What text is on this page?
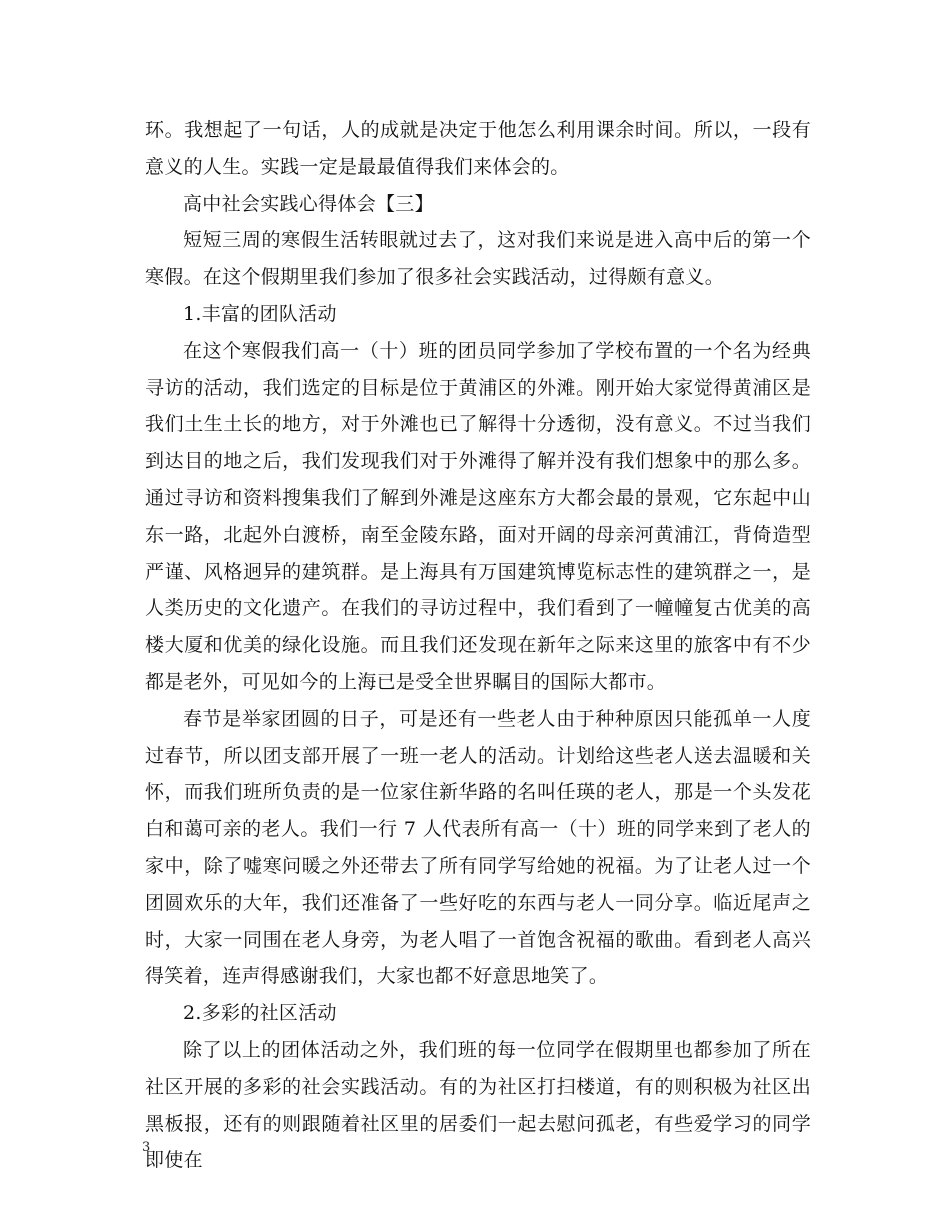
环。我想起了一句话，人的成就是决定于他怎么利用课余时间。所以，一段有意义的人生。实践一定是最最值得我们来体会的。

高中社会实践心得体会【三】

短短三周的寒假生活转眼就过去了，这对我们来说是进入高中后的第一个寒假。在这个假期里我们参加了很多社会实践活动，过得颇有意义。

1.丰富的团队活动

在这个寒假我们高一（十）班的团员同学参加了学校布置的一个名为经典寻访的活动，我们选定的目标是位于黄浦区的外滩。刚开始大家觉得黄浦区是我们土生土长的地方，对于外滩也已了解得十分透彻，没有意义。不过当我们到达目的地之后，我们发现我们对于外滩得了解并没有我们想象中的那么多。通过寻访和资料搜集我们了解到外滩是这座东方大都会最的景观，它东起中山东一路，北起外白渡桥，南至金陵东路，面对开阔的母亲河黄浦江，背倚造型严谨、风格迥异的建筑群。是上海具有万国建筑博览标志性的建筑群之一，是人类历史的文化遗产。在我们的寻访过程中，我们看到了一幢幢复古优美的高楼大厦和优美的绿化设施。而且我们还发现在新年之际来这里的旅客中有不少都是老外，可见如今的上海已是受全世界瞩目的国际大都市。

春节是举家团圆的日子，可是还有一些老人由于种种原因只能孤单一人度过春节，所以团支部开展了一班一老人的活动。计划给这些老人送去温暖和关怀，而我们班所负责的是一位家住新华路的名叫任瑛的老人，那是一个头发花白和蔼可亲的老人。我们一行 7 人代表所有高一（十）班的同学来到了老人的家中，除了嘘寒问暖之外还带去了所有同学写给她的祝福。为了让老人过一个团圆欢乐的大年，我们还准备了一些好吃的东西与老人一同分享。临近尾声之时，大家一同围在老人身旁，为老人唱了一首饱含祝福的歌曲。看到老人高兴得笑着，连声得感谢我们，大家也都不好意思地笑了。

2.多彩的社区活动

除了以上的团体活动之外，我们班的每一位同学在假期里也都参加了所在社区开展的多彩的社会实践活动。有的为社区打扫楼道，有的则积极为社区出黑板报，还有的则跟随着社区里的居委们一起去慰问孤老，有些爱学习的同学即使在

3
